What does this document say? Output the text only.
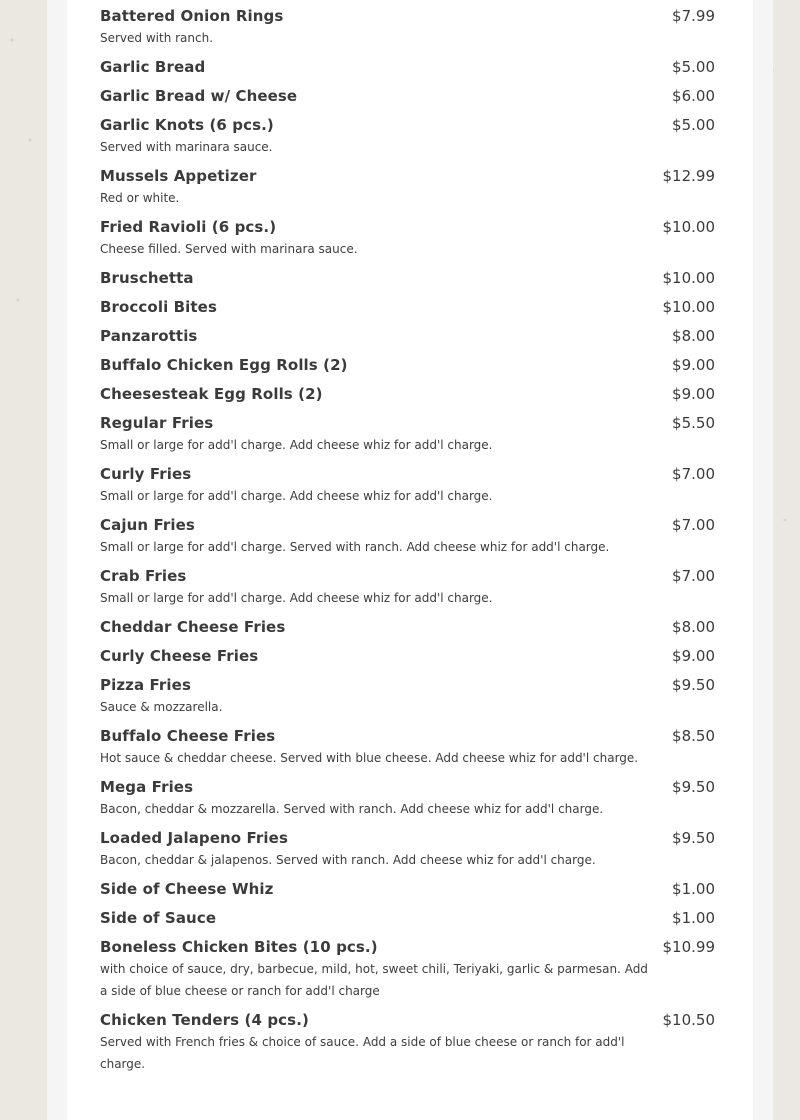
Battered Onion Rings	$7.99
Served with ranch.
Garlic Bread	$5.00
Garlic Bread w/ Cheese	$6.00
Garlic Knots (6 pcs.)	$5.00
Served with marinara sauce.
Mussels Appetizer	$12.99
Red or white.
Fried Ravioli (6 pcs.)	$10.00
Cheese filled. Served with marinara sauce.
Bruschetta	$10.00
Broccoli Bites	$10.00
Panzarottis	$8.00
Buffalo Chicken Egg Rolls (2)	$9.00
Cheesesteak Egg Rolls (2)	$9.00
Regular Fries	$5.50
Small or large for add'l charge. Add cheese whiz for add'l charge.
Curly Fries	$7.00
Small or large for add'l charge. Add cheese whiz for add'l charge.
Cajun Fries	$7.00
Small or large for add'l charge. Served with ranch. Add cheese whiz for add'l charge.
Crab Fries	$7.00
Small or large for add'l charge. Add cheese whiz for add'l charge.
Cheddar Cheese Fries	$8.00
Curly Cheese Fries	$9.00
Pizza Fries	$9.50
Sauce & mozzarella.
Buffalo Cheese Fries	$8.50
Hot sauce & cheddar cheese. Served with blue cheese. Add cheese whiz for add'l charge.
Mega Fries	$9.50
Bacon, cheddar & mozzarella. Served with ranch. Add cheese whiz for add'l charge.
Loaded Jalapeno Fries	$9.50
Bacon, cheddar & jalapenos. Served with ranch. Add cheese whiz for add'l charge.
Side of Cheese Whiz	$1.00
Side of Sauce	$1.00
Boneless Chicken Bites (10 pcs.)	$10.99
with choice of sauce, dry, barbecue, mild, hot, sweet chili, Teriyaki, garlic & parmesan. Add a side of blue cheese or ranch for add'l charge
Chicken Tenders (4 pcs.)	$10.50
Served with French fries & choice of sauce. Add a side of blue cheese or ranch for add'l charge.
